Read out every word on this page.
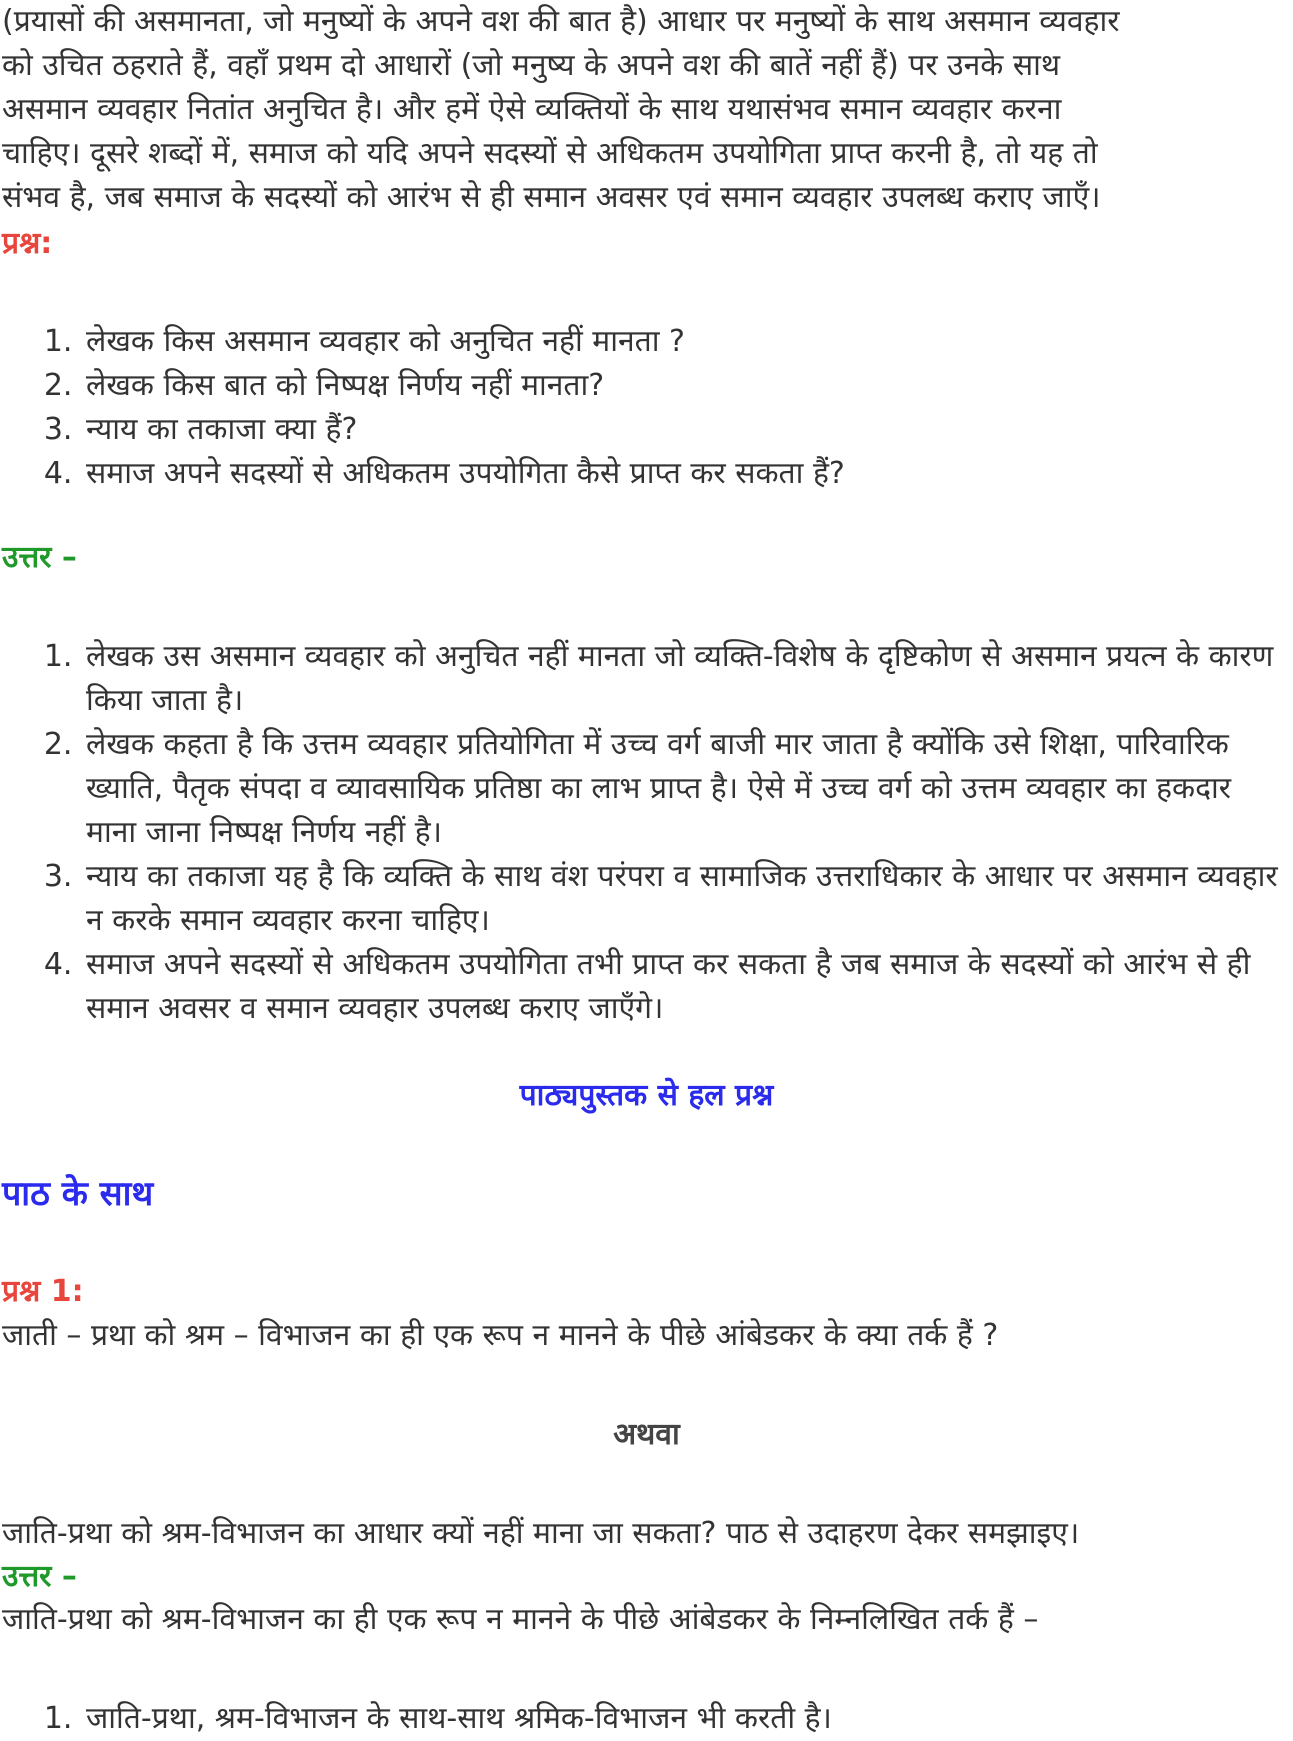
(प्रयासों की असमानता, जो मनुष्यों के अपने वश की बात है) आधार पर मनुष्यों के साथ असमान व्यवहार
को उचित ठहराते हैं, वहाँ प्रथम दो आधारों (जो मनुष्य के अपने वश की बातें नहीं हैं) पर उनके साथ
असमान व्यवहार नितांत अनुचित है। और हमें ऐसे व्यक्तियों के साथ यथासंभव समान व्यवहार करना
चाहिए। दूसरे शब्दों में, समाज को यदि अपने सदस्यों से अधिकतम उपयोगिता प्राप्त करनी है, तो यह तो
संभव है, जब समाज के सदस्यों को आरंभ से ही समान अवसर एवं समान व्यवहार उपलब्ध कराए जाएँ।
प्रश्न:
1. लेखक किस असमान व्यवहार को अनुचित नहीं मानता ?
2. लेखक किस बात को निष्पक्ष निर्णय नहीं मानता?
3. न्याय का तकाजा क्या हैं?
4. समाज अपने सदस्यों से अधिकतम उपयोगिता कैसे प्राप्त कर सकता हैं?
उत्तर –
1. लेखक उस असमान व्यवहार को अनुचित नहीं मानता जो व्यक्ति-विशेष के दृष्टिकोण से असमान प्रयत्न के कारण किया जाता है।
2. लेखक कहता है कि उत्तम व्यवहार प्रतियोगिता में उच्च वर्ग बाजी मार जाता है क्योंकि उसे शिक्षा, पारिवारिक ख्याति, पैतृक संपदा व व्यावसायिक प्रतिष्ठा का लाभ प्राप्त है। ऐसे में उच्च वर्ग को उत्तम व्यवहार का हकदार माना जाना निष्पक्ष निर्णय नहीं है।
3. न्याय का तकाजा यह है कि व्यक्ति के साथ वंश परंपरा व सामाजिक उत्तराधिकार के आधार पर असमान व्यवहार न करके समान व्यवहार करना चाहिए।
4. समाज अपने सदस्यों से अधिकतम उपयोगिता तभी प्राप्त कर सकता है जब समाज के सदस्यों को आरंभ से ही समान अवसर व समान व्यवहार उपलब्ध कराए जाएँगे।
पाठ्यपुस्तक से हल प्रश्न
पाठ के साथ
प्रश्न 1:
जाती – प्रथा को श्रम – विभाजन का ही एक रूप न मानने के पीछे आंबेडकर के क्या तर्क हैं ?
अथवा
जाति-प्रथा को श्रम-विभाजन का आधार क्यों नहीं माना जा सकता? पाठ से उदाहरण देकर समझाइए।
उत्तर –
जाति-प्रथा को श्रम-विभाजन का ही एक रूप न मानने के पीछे आंबेडकर के निम्नलिखित तर्क हैं –
1. जाति-प्रथा, श्रम-विभाजन के साथ-साथ श्रमिक-विभाजन भी करती है।
